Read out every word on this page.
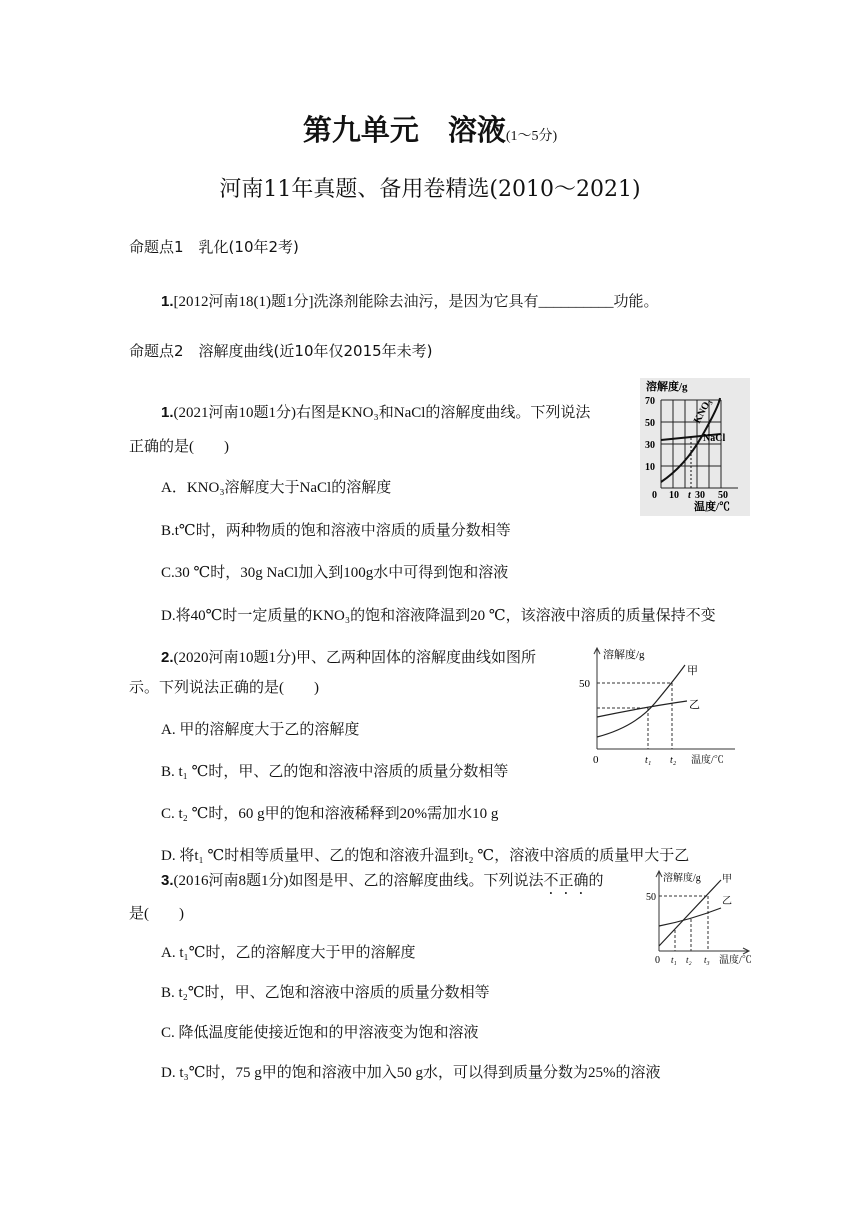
第九单元　溶液(1～5分)
河南11年真题、备用卷精选(2010～2021)
命题点1　乳化(10年2考)
1.[2012河南18(1)题1分]洗涤剂能除去油污，是因为它具有__________功能。
命题点2　溶解度曲线(近10年仅2015年未考)
1.(2021河南10题1分)右图是KNO₃和NaCl的溶解度曲线。下列说法
正确的是(　　)
A．KNO₃溶解度大于NaCl的溶解度
B.t℃时，两种物质的饱和溶液中溶质的质量分数相等
C.30 ℃时，30g NaCl加入到100g水中可得到饱和溶液
D.将40℃时一定质量的KNO₃的饱和溶液降温到20 ℃，该溶液中溶质的质量保持不变
溶解度/g
70
50
30
10
0 10 t 30 50
温度/℃
KNO₃
NaCl
2.(2020河南10题1分)甲、乙两种固体的溶解度曲线如图所
示。下列说法正确的是(　　)
A. 甲的溶解度大于乙的溶解度
B. t₁ ℃时，甲、乙的饱和溶液中溶质的质量分数相等
C. t₂ ℃时，60 g甲的饱和溶液稀释到20%需加水10 g
D. 将t₁ ℃时相等质量甲、乙的饱和溶液升温到t₂ ℃，溶液中溶质的质量甲大于乙
溶解度/g
50
0	t₁ t₂ 温度/℃
甲
乙
3.(2016河南8题1分)如图是甲、乙的溶解度曲线。下列说法不正确的
是(　　)
A. t₁℃时，乙的溶解度大于甲的溶解度
B. t₂℃时，甲、乙饱和溶液中溶质的质量分数相等
C. 降低温度能使接近饱和的甲溶液变为饱和溶液
D. t₃℃时，75 g甲的饱和溶液中加入50 g水，可以得到质量分数为25%的溶液
溶解度/g
50
0 t₁ t₂ t₃ 温度/℃
甲
乙
